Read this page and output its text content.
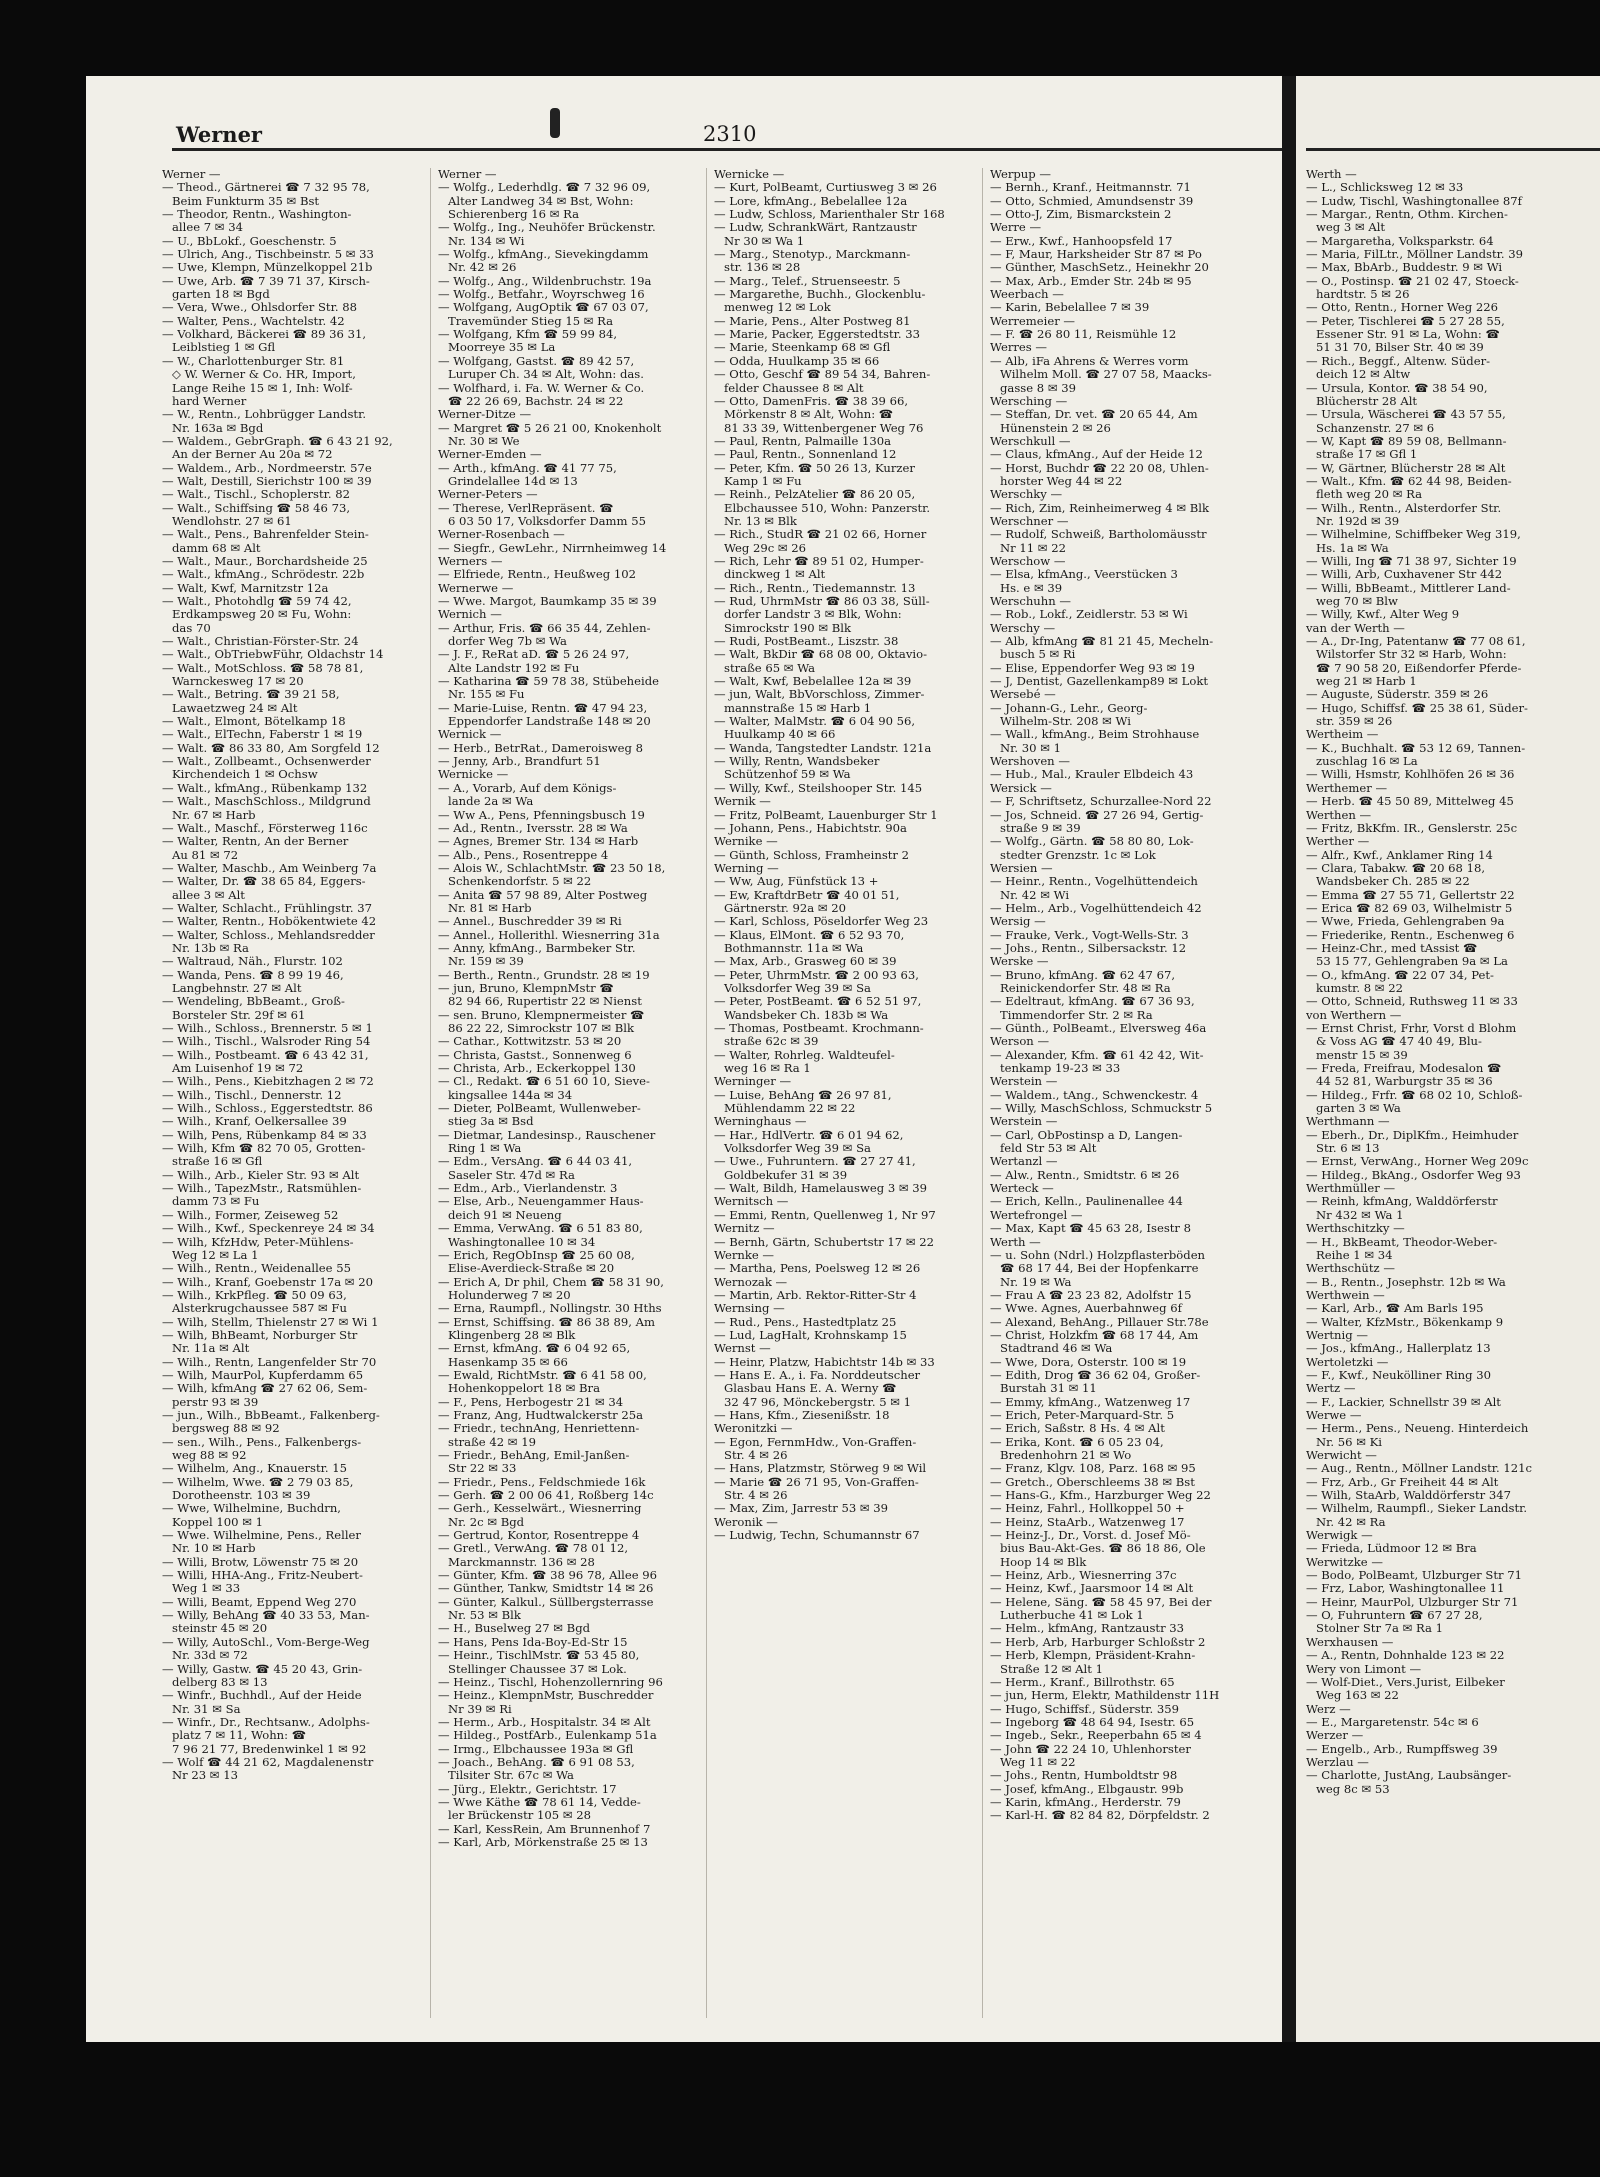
Werner	2310
Werner —
— Theod., Gärtnerei ☎ 7 32 95 78,
Beim Funkturm 35 ✉ Bst
— Theodor, Rentn., Washington-
allee 7 ✉ 34
— U., BbLokf., Goeschenstr. 5
— Ulrich, Ang., Tischbeinstr. 5 ✉ 33
— Uwe, Klempn, Münzelkoppel 21b
— Uwe, Arb. ☎ 7 39 71 37, Kirsch-
garten 18 ✉ Bgd
— Vera, Wwe., Ohlsdorfer Str. 88
— Walter, Pens., Wachtelstr. 42
— Volkhard, Bäckerei ☎ 89 36 31,
Leiblstieg 1 ✉ Gfl
— W., Charlottenburger Str. 81
◇ W. Werner & Co. HR, Import,
Lange Reihe 15 ✉ 1, Inh: Wolf-
hard Werner
— W., Rentn., Lohbrügger Landstr.
Nr. 163a ✉ Bgd
— Waldem., GebrGraph. ☎ 6 43 21 92,
An der Berner Au 20a ✉ 72
— Waldem., Arb., Nordmeerstr. 57e
— Walt, Destill, Sierichstr 100 ✉ 39
— Walt., Tischl., Schoplerstr. 82
— Walt., Schiffsing ☎ 58 46 73,
Wendlohstr. 27 ✉ 61
— Walt., Pens., Bahrenfelder Stein-
damm 68 ✉ Alt
— Walt., Maur., Borchardsheide 25
— Walt., kfmAng., Schrödestr. 22b
— Walt, Kwf, Marnitzstr 12a
— Walt., Photohdlg ☎ 59 74 42,
Erdkampsweg 20 ✉ Fu, Wohn:
das 70
— Walt., Christian-Förster-Str. 24
— Walt., ObTriebwFühr, Oldachstr 14
— Walt., MotSchloss. ☎ 58 78 81,
Warnckesweg 17 ✉ 20
— Walt., Betring. ☎ 39 21 58,
Lawaetzweg 24 ✉ Alt
— Walt., Elmont, Bötelkamp 18
— Walt., ElTechn, Faberstr 1 ✉ 19
— Walt. ☎ 86 33 80, Am Sorgfeld 12
— Walt., Zollbeamt., Ochsenwerder
Kirchendeich 1 ✉ Ochsw
— Walt., kfmAng., Rübenkamp 132
— Walt., MaschSchloss., Mildgrund
Nr. 67 ✉ Harb
— Walt., Maschf., Försterweg 116c
— Walter, Rentn, An der Berner
Au 81 ✉ 72
— Walter, Maschb., Am Weinberg 7a
— Walter, Dr. ☎ 38 65 84, Eggers-
allee 3 ✉ Alt
— Walter, Schlacht., Frühlingstr. 37
— Walter, Rentn., Hobökentwiete 42
— Walter, Schloss., Mehlandsredder
Nr. 13b ✉ Ra
— Waltraud, Näh., Flurstr. 102
— Wanda, Pens. ☎ 8 99 19 46,
Langbehnstr. 27 ✉ Alt
— Wendeling, BbBeamt., Groß-
Borsteler Str. 29f ✉ 61
— Wilh., Schloss., Brennerstr. 5 ✉ 1
— Wilh., Tischl., Walsroder Ring 54
— Wilh., Postbeamt. ☎ 6 43 42 31,
Am Luisenhof 19 ✉ 72
— Wilh., Pens., Kiebitzhagen 2 ✉ 72
— Wilh., Tischl., Dennerstr. 12
— Wilh., Schloss., Eggerstedtstr. 86
— Wilh., Kranf, Oelkersallee 39
— Wilh, Pens, Rübenkamp 84 ✉ 33
— Wilh, Kfm ☎ 82 70 05, Grotten-
straße 16 ✉ Gfl
— Wilh., Arb., Kieler Str. 93 ✉ Alt
— Wilh., TapezMstr., Ratsmühlen-
damm 73 ✉ Fu
— Wilh., Former, Zeiseweg 52
— Wilh., Kwf., Speckenreye 24 ✉ 34
— Wilh, KfzHdw, Peter-Mühlens-
Weg 12 ✉ La 1
— Wilh., Rentn., Weidenallee 55
— Wilh., Kranf, Goebenstr 17a ✉ 20
— Wilh., KrkPfleg. ☎ 50 09 63,
Alsterkrugchaussee 587 ✉ Fu
— Wilh, Stellm, Thielenstr 27 ✉ Wi 1
— Wilh, BhBeamt, Norburger Str
Nr. 11a ✉ Alt
— Wilh., Rentn, Langenfelder Str 70
— Wilh, MaurPol, Kupferdamm 65
— Wilh, kfmAng ☎ 27 62 06, Sem-
perstr 93 ✉ 39
— jun., Wilh., BbBeamt., Falkenberg-
bergsweg 88 ✉ 92
— sen., Wilh., Pens., Falkenbergs-
weg 88 ✉ 92
— Wilhelm, Ang., Knauerstr. 15
— Wilhelm, Wwe. ☎ 2 79 03 85,
Dorotheenstr. 103 ✉ 39
— Wwe, Wilhelmine, Buchdrn,
Koppel 100 ✉ 1
— Wwe. Wilhelmine, Pens., Reller
Nr. 10 ✉ Harb
— Willi, Brotw, Löwenstr 75 ✉ 20
— Willi, HHA-Ang., Fritz-Neubert-
Weg 1 ✉ 33
— Willi, Beamt, Eppend Weg 270
— Willy, BehAng ☎ 40 33 53, Man-
steinstr 45 ✉ 20
— Willy, AutoSchl., Vom-Berge-Weg
Nr. 33d ✉ 72
— Willy, Gastw. ☎ 45 20 43, Grin-
delberg 83 ✉ 13
— Winfr., Buchhdl., Auf der Heide
Nr. 31 ✉ Sa
— Winfr., Dr., Rechtsanw., Adolphs-
platz 7 ✉ 11, Wohn: ☎
7 96 21 77, Bredenwinkel 1 ✉ 92
— Wolf ☎ 44 21 62, Magdalenenstr
Nr 23 ✉ 13
Werner —
— Wolfg., Lederhdlg. ☎ 7 32 96 09,
Alter Landweg 34 ✉ Bst, Wohn:
Schierenberg 16 ✉ Ra
— Wolfg., Ing., Neuhöfer Brückenstr.
Nr. 134 ✉ Wi
— Wolfg., kfmAng., Sievekingdamm
Nr. 42 ✉ 26
— Wolfg., Ang., Wildenbruchstr. 19a
— Wolfg., Betfahr., Woyrschweg 16
— Wolfgang, AugOptik ☎ 67 03 07,
Travemünder Stieg 15 ✉ Ra
— Wolfgang, Kfm ☎ 59 99 84,
Moorreye 35 ✉ La
— Wolfgang, Gastst. ☎ 89 42 57,
Luruper Ch. 34 ✉ Alt, Wohn: das.
— Wolfhard, i. Fa. W. Werner & Co.
☎ 22 26 69, Bachstr. 24 ✉ 22
Werner-Ditze —
— Margret ☎ 5 26 21 00, Knokenholt
Nr. 30 ✉ We
Werner-Emden —
— Arth., kfmAng. ☎ 41 77 75,
Grindelallee 14d ✉ 13
Werner-Peters —
— Therese, VerlRepräsent. ☎
6 03 50 17, Volksdorfer Damm 55
Werner-Rosenbach —
— Siegfr., GewLehr., Nirrnheimweg 14
Werners —
— Elfriede, Rentn., Heußweg 102
Wernerwe —
— Wwe. Margot, Baumkamp 35 ✉ 39
Wernich —
— Arthur, Fris. ☎ 66 35 44, Zehlen-
dorfer Weg 7b ✉ Wa
— J. F., ReRat aD. ☎ 5 26 24 97,
Alte Landstr 192 ✉ Fu
— Katharina ☎ 59 78 38, Stübeheide
Nr. 155 ✉ Fu
— Marie-Luise, Rentn. ☎ 47 94 23,
Eppendorfer Landstraße 148 ✉ 20
Wernick —
— Herb., BetrRat., Dameroisweg 8
— Jenny, Arb., Brandfurt 51
Wernicke —
— A., Vorarb, Auf dem Königs-
lande 2a ✉ Wa
— Ww A., Pens, Pfenningsbusch 19
— Ad., Rentn., Iversstr. 28 ✉ Wa
— Agnes, Bremer Str. 134 ✉ Harb
— Alb., Pens., Rosentreppe 4
— Alois W., SchlachtMstr. ☎ 23 50 18,
Schenkendorfstr. 5 ✉ 22
— Anita ☎ 57 98 89, Alter Postweg
Nr. 81 ✉ Harb
— Annel., Buschredder 39 ✉ Ri
— Annel., Hollerithl. Wiesnerring 31a
— Anny, kfmAng., Barmbeker Str.
Nr. 159 ✉ 39
— Berth., Rentn., Grundstr. 28 ✉ 19
— jun, Bruno, KlempnMstr ☎
82 94 66, Rupertistr 22 ✉ Nienst
— sen. Bruno, Klempnermeister ☎
86 22 22, Simrockstr 107 ✉ Blk
— Cathar., Kottwitzstr. 53 ✉ 20
— Christa, Gastst., Sonnenweg 6
— Christa, Arb., Eckerkoppel 130
— Cl., Redakt. ☎ 6 51 60 10, Sieve-
kingsallee 144a ✉ 34
— Dieter, PolBeamt, Wullenweber-
stieg 3a ✉ Bsd
— Dietmar, Landesinsp., Rauschener
Ring 1 ✉ Wa
— Edm., VersAng. ☎ 6 44 03 41,
Saseler Str. 47d ✉ Ra
— Edm., Arb., Vierlandenstr. 3
— Else, Arb., Neuengammer Haus-
deich 91 ✉ Neueng
— Emma, VerwAng. ☎ 6 51 83 80,
Washingtonallee 10 ✉ 34
— Erich, RegObInsp ☎ 25 60 08,
Elise-Averdieck-Straße ✉ 20
— Erich A, Dr phil, Chem ☎ 58 31 90,
Holunderweg 7 ✉ 20
— Erna, Raumpfl., Nollingstr. 30 Hths
— Ernst, Schiffsing. ☎ 86 38 89, Am
Klingenberg 28 ✉ Blk
— Ernst, kfmAng. ☎ 6 04 92 65,
Hasenkamp 35 ✉ 66
— Ewald, RichtMstr. ☎ 6 41 58 00,
Hohenkoppelort 18 ✉ Bra
— F., Pens, Herbogestr 21 ✉ 34
— Franz, Ang, Hudtwalckerstr 25a
— Friedr., technAng, Henriettenn-
straße 42 ✉ 19
— Friedr., BehAng, Emil-Janßen-
Str 22 ✉ 33
— Friedr., Pens., Feldschmiede 16k
— Gerh. ☎ 2 00 06 41, Roßberg 14c
— Gerh., Kesselwärt., Wiesnerring
Nr. 2c ✉ Bgd
— Gertrud, Kontor, Rosentreppe 4
— Gretl., VerwAng. ☎ 78 01 12,
Marckmannstr. 136 ✉ 28
— Günter, Kfm. ☎ 38 96 78, Allee 96
— Günther, Tankw, Smidtstr 14 ✉ 26
— Günter, Kalkul., Süllbergsterrasse
Nr. 53 ✉ Blk
— H., Buselweg 27 ✉ Bgd
— Hans, Pens Ida-Boy-Ed-Str 15
— Heinr., TischlMstr. ☎ 53 45 80,
Stellinger Chaussee 37 ✉ Lok.
— Heinz., Tischl, Hohenzollernring 96
— Heinz., KlempnMstr, Buschredder
Nr 39 ✉ Ri
— Herm., Arb., Hospitalstr. 34 ✉ Alt
— Hildeg., PostfArb., Eulenkamp 51a
— Irmg., Elbchaussee 193a ✉ Gfl
— Joach., BehAng. ☎ 6 91 08 53,
Tilsiter Str. 67c ✉ Wa
— Jürg., Elektr., Gerichtstr. 17
— Wwe Käthe ☎ 78 61 14, Vedde-
ler Brückenstr 105 ✉ 28
— Karl, KessRein, Am Brunnenhof 7
— Karl, Arb, Mörkenstraße 25 ✉ 13
Wernicke —
— Kurt, PolBeamt, Curtiusweg 3 ✉ 26
— Lore, kfmAng., Bebelallee 12a
— Ludw, Schloss, Marienthaler Str 168
— Ludw, SchrankWärt, Rantzaustr
Nr 30 ✉ Wa 1
— Marg., Stenotyp., Marckmann-
str. 136 ✉ 28
— Marg., Telef., Struenseestr. 5
— Margarethe, Buchh., Glockenblu-
menweg 12 ✉ Lok
— Marie, Pens., Alter Postweg 81
— Marie, Packer, Eggerstedtstr. 33
— Marie, Steenkamp 68 ✉ Gfl
— Odda, Huulkamp 35 ✉ 66
— Otto, Geschf ☎ 89 54 34, Bahren-
felder Chaussee 8 ✉ Alt
— Otto, DamenFris. ☎ 38 39 66,
Mörkenstr 8 ✉ Alt, Wohn: ☎
81 33 39, Wittenbergener Weg 76
— Paul, Rentn, Palmaille 130a
— Paul, Rentn., Sonnenland 12
— Peter, Kfm. ☎ 50 26 13, Kurzer
Kamp 1 ✉ Fu
— Reinh., PelzAtelier ☎ 86 20 05,
Elbchaussee 510, Wohn: Panzerstr.
Nr. 13 ✉ Blk
— Rich., StudR ☎ 21 02 66, Horner
Weg 29c ✉ 26
— Rich, Lehr ☎ 89 51 02, Humper-
dinckweg 1 ✉ Alt
— Rich., Rentn., Tiedemannstr. 13
— Rud, UhrmMstr ☎ 86 03 38, Süll-
dorfer Landstr 3 ✉ Blk, Wohn:
Simrockstr 190 ✉ Blk
— Rudi, PostBeamt., Liszstr. 38
— Walt, BkDir ☎ 68 08 00, Oktavio-
straße 65 ✉ Wa
— Walt, Kwf, Bebelallee 12a ✉ 39
— jun, Walt, BbVorschloss, Zimmer-
mannstraße 15 ✉ Harb 1
— Walter, MalMstr. ☎ 6 04 90 56,
Huulkamp 40 ✉ 66
— Wanda, Tangstedter Landstr. 121a
— Willy, Rentn, Wandsbeker
Schützenhof 59 ✉ Wa
— Willy, Kwf., Steilshooper Str. 145
Wernik —
— Fritz, PolBeamt, Lauenburger Str 1
— Johann, Pens., Habichtstr. 90a
Wernike —
— Günth, Schloss, Framheinstr 2
Werning —
— Ww, Aug, Fünfstück 13 +
— Ew, KraftdrBetr ☎ 40 01 51,
Gärtnerstr. 92a ✉ 20
— Karl, Schloss, Pöseldorfer Weg 23
— Klaus, ElMont. ☎ 6 52 93 70,
Bothmannstr. 11a ✉ Wa
— Max, Arb., Grasweg 60 ✉ 39
— Peter, UhrmMstr. ☎ 2 00 93 63,
Volksdorfer Weg 39 ✉ Sa
— Peter, PostBeamt. ☎ 6 52 51 97,
Wandsbeker Ch. 183b ✉ Wa
— Thomas, Postbeamt. Krochmann-
straße 62c ✉ 39
— Walter, Rohrleg. Waldteufel-
weg 16 ✉ Ra 1
Werninger —
— Luise, BehAng ☎ 26 97 81,
Mühlendamm 22 ✉ 22
Werninghaus —
— Har., HdlVertr. ☎ 6 01 94 62,
Volksdorfer Weg 39 ✉ Sa
— Uwe., Fuhruntern. ☎ 27 27 41,
Goldbekufer 31 ✉ 39
— Walt, Bildh, Hamelausweg 3 ✉ 39
Wernitsch —
— Emmi, Rentn, Quellenweg 1, Nr 97
Wernitz —
— Bernh, Gärtn, Schubertstr 17 ✉ 22
Wernke —
— Martha, Pens, Poelsweg 12 ✉ 26
Wernozak —
— Martin, Arb. Rektor-Ritter-Str 4
Wernsing —
— Rud., Pens., Hastedtplatz 25
— Lud, LagHalt, Krohnskamp 15
Wernst —
— Heinr, Platzw, Habichtstr 14b ✉ 33
— Hans E. A., i. Fa. Norddeutscher
Glasbau Hans E. A. Werny ☎
32 47 96, Mönckebergstr. 5 ✉ 1
— Hans, Kfm., Ziesenißstr. 18
Weronitzki —
— Egon, FernmHdw., Von-Graffen-
Str. 4 ✉ 26
— Hans, Platzmstr, Störweg 9 ✉ Wil
— Marie ☎ 26 71 95, Von-Graffen-
Str. 4 ✉ 26
— Max, Zim, Jarrestr 53 ✉ 39
Weronik —
— Ludwig, Techn, Schumannstr 67
Werpup —
— Bernh., Kranf., Heitmannstr. 71
— Otto, Schmied, Amundsenstr 39
— Otto-J, Zim, Bismarckstein 2
Werre —
— Erw., Kwf., Hanhoopsfeld 17
— F, Maur, Harksheider Str 87 ✉ Po
— Günther, MaschSetz., Heinekhr 20
— Max, Arb., Emder Str. 24b ✉ 95
Weerbach —
— Karin, Bebelallee 7 ✉ 39
Werremeier —
— F. ☎ 26 80 11, Reismühle 12
Werres —
— Alb, iFa Ahrens & Werres vorm
Wilhelm Moll. ☎ 27 07 58, Maacks-
gasse 8 ✉ 39
Wersching —
— Steffan, Dr. vet. ☎ 20 65 44, Am
Hünenstein 2 ✉ 26
Werschkull —
— Claus, kfmAng., Auf der Heide 12
— Horst, Buchdr ☎ 22 20 08, Uhlen-
horster Weg 44 ✉ 22
Werschky —
— Rich, Zim, Reinheimerweg 4 ✉ Blk
Werschner —
— Rudolf, Schweiß, Bartholomäusstr
Nr 11 ✉ 22
Werschow —
— Elsa, kfmAng., Veerstücken 3
Hs. e ✉ 39
Werschuhn —
— Rob., Lokf., Zeidlerstr. 53 ✉ Wi
Werschy —
— Alb, kfmAng ☎ 81 21 45, Mecheln-
busch 5 ✉ Ri
— Elise, Eppendorfer Weg 93 ✉ 19
— J, Dentist, Gazellenkamp89 ✉ Lokt
Wersebé —
— Johann-G., Lehr., Georg-
Wilhelm-Str. 208 ✉ Wi
— Wall., kfmAng., Beim Strohhause
Nr. 30 ✉ 1
Wershoven —
— Hub., Mal., Krauler Elbdeich 43
Wersick —
— F, Schriftsetz, Schurzallee-Nord 22
— Jos, Schneid. ☎ 27 26 94, Gertig-
straße 9 ✉ 39
— Wolfg., Gärtn. ☎ 58 80 80, Lok-
stedter Grenzstr. 1c ✉ Lok
Wersien —
— Heinr., Rentn., Vogelhüttendeich
Nr. 42 ✉ Wi
— Helm., Arb., Vogelhüttendeich 42
Wersig —
— Frauke, Verk., Vogt-Wells-Str. 3
— Johs., Rentn., Silbersackstr. 12
Werske —
— Bruno, kfmAng. ☎ 62 47 67,
Reinickendorfer Str. 48 ✉ Ra
— Edeltraut, kfmAng. ☎ 67 36 93,
Timmendorfer Str. 2 ✉ Ra
— Günth., PolBeamt., Elversweg 46a
Werson —
— Alexander, Kfm. ☎ 61 42 42, Wit-
tenkamp 19-23 ✉ 33
Werstein —
— Waldem., tAng., Schwenckestr. 4
— Willy, MaschSchloss, Schmuckstr 5
Werstein —
— Carl, ObPostinsp a D, Langen-
feld Str 53 ✉ Alt
Wertanzl —
— Alw., Rentn., Smidtstr. 6 ✉ 26
Werteck —
— Erich, Kelln., Paulinenallee 44
Wertefrongel —
— Max, Kapt ☎ 45 63 28, Isestr 8
Werth —
— u. Sohn (Ndrl.) Holzpflasterböden
☎ 68 17 44, Bei der Hopfenkarre
Nr. 19 ✉ Wa
— Frau A ☎ 23 23 82, Adolfstr 15
— Wwe. Agnes, Auerbahnweg 6f
— Alexand, BehAng., Pillauer Str.78e
— Christ, Holzkfm ☎ 68 17 44, Am
Stadtrand 46 ✉ Wa
— Wwe, Dora, Osterstr. 100 ✉ 19
— Edith, Drog ☎ 36 62 04, Großer-
Burstah 31 ✉ 11
— Emmy, kfmAng., Watzenweg 17
— Erich, Peter-Marquard-Str. 5
— Erich, Saßstr. 8 Hs. 4 ✉ Alt
— Erika, Kont. ☎ 6 05 23 04,
Bredenhohrn 21 ✉ Wo
— Franz, Klgv. 108, Parz. 168 ✉ 95
— Gretch., Oberschleems 38 ✉ Bst
— Hans-G., Kfm., Harzburger Weg 22
— Heinz, Fahrl., Hollkoppel 50 +
— Heinz, StaArb., Watzenweg 17
— Heinz-J., Dr., Vorst. d. Josef Mö-
bius Bau-Akt-Ges. ☎ 86 18 86, Ole
Hoop 14 ✉ Blk
— Heinz, Arb., Wiesnerring 37c
— Heinz, Kwf., Jaarsmoor 14 ✉ Alt
— Helene, Säng. ☎ 58 45 97, Bei der
Lutherbuche 41 ✉ Lok 1
— Helm., kfmAng, Rantzaustr 33
— Herb, Arb, Harburger Schloßstr 2
— Herb, Klempn, Präsident-Krahn-
Straße 12 ✉ Alt 1
— Herm., Kranf., Billrothstr. 65
— jun, Herm, Elektr, Mathildenstr 11H
— Hugo, Schiffsf., Süderstr. 359
— Ingeborg ☎ 48 64 94, Isestr. 65
— Ingeb., Sekr., Reeperbahn 65 ✉ 4
— John ☎ 22 24 10, Uhlenhorster
Weg 11 ✉ 22
— Johs., Rentn, Humboldtstr 98
— Josef, kfmAng., Elbgaustr. 99b
— Karin, kfmAng., Herderstr. 79
— Karl-H. ☎ 82 84 82, Dörpfeldstr. 2
Werth —
— L., Schlicksweg 12 ✉ 33
— Ludw, Tischl, Washingtonallee 87f
— Margar., Rentn, Othm. Kirchen-
weg 3 ✉ Alt
— Margaretha, Volksparkstr. 64
— Maria, FilLtr., Möllner Landstr. 39
— Max, BbArb., Buddestr. 9 ✉ Wi
— O., Postinsp. ☎ 21 02 47, Stoeck-
hardtstr. 5 ✉ 26
— Otto, Rentn., Horner Weg 226
— Peter, Tischlerei ☎ 5 27 28 55,
Essener Str. 91 ✉ La, Wohn: ☎
51 31 70, Bilser Str. 40 ✉ 39
— Rich., Beggf., Altenw. Süder-
deich 12 ✉ Altw
— Ursula, Kontor. ☎ 38 54 90,
Blücherstr 28 Alt
— Ursula, Wäscherei ☎ 43 57 55,
Schanzenstr. 27 ✉ 6
— W, Kapt ☎ 89 59 08, Bellmann-
straße 17 ✉ Gfl 1
— W, Gärtner, Blücherstr 28 ✉ Alt
— Walt., Kfm. ☎ 62 44 98, Beiden-
fleth weg 20 ✉ Ra
— Wilh., Rentn., Alsterdorfer Str.
Nr. 192d ✉ 39
— Wilhelmine, Schiffbeker Weg 319,
Hs. 1a ✉ Wa
— Willi, Ing ☎ 71 38 97, Sichter 19
— Willi, Arb, Cuxhavener Str 442
— Willi, BbBeamt., Mittlerer Land-
weg 70 ✉ Blw
— Willy, Kwf., Alter Weg 9
van der Werth —
— A., Dr-Ing, Patentanw ☎ 77 08 61,
Wilstorfer Str 32 ✉ Harb, Wohn:
☎ 7 90 58 20, Eißendorfer Pferde-
weg 21 ✉ Harb 1
— Auguste, Süderstr. 359 ✉ 26
— Hugo, Schiffsf. ☎ 25 38 61, Süder-
str. 359 ✉ 26
Wertheim —
— K., Buchhalt. ☎ 53 12 69, Tannen-
zuschlag 16 ✉ La
— Willi, Hsmstr, Kohlhöfen 26 ✉ 36
Werthemer —
— Herb. ☎ 45 50 89, Mittelweg 45
Werthen —
— Fritz, BkKfm. IR., Genslerstr. 25c
Werther —
— Alfr., Kwf., Anklamer Ring 14
— Clara, Tabakw. ☎ 20 68 18,
Wandsbeker Ch. 285 ✉ 22
— Emma ☎ 27 55 71, Gellertstr 22
— Erica ☎ 82 69 03, Wilhelmistr 5
— Wwe, Frieda, Gehlengraben 9a
— Friederike, Rentn., Eschenweg 6
— Heinz-Chr., med tAssist ☎
53 15 77, Gehlengraben 9a ✉ La
— O., kfmAng. ☎ 22 07 34, Pet-
kumstr. 8 ✉ 22
— Otto, Schneid, Ruthsweg 11 ✉ 33
von Werthern —
— Ernst Christ, Frhr, Vorst d Blohm
& Voss AG ☎ 47 40 49, Blu-
menstr 15 ✉ 39
— Freda, Freifrau, Modesalon ☎
44 52 81, Warburgstr 35 ✉ 36
— Hildeg., Frfr. ☎ 68 02 10, Schloß-
garten 3 ✉ Wa
Werthmann —
— Eberh., Dr., DiplKfm., Heimhuder
Str. 6 ✉ 13
— Ernst, VerwAng., Horner Weg 209c
— Hildeg., BkAng., Osdorfer Weg 93
Werthmüller —
— Reinh, kfmAng, Walddörferstr
Nr 432 ✉ Wa 1
Werthschitzky —
— H., BkBeamt, Theodor-Weber-
Reihe 1 ✉ 34
Werthschütz —
— B., Rentn., Josephstr. 12b ✉ Wa
Werthwein —
— Karl, Arb., ☎ Am Barls 195
— Walter, KfzMstr., Bökenkamp 9
Wertnig —
— Jos., kfmAng., Hallerplatz 13
Wertoletzki —
— F., Kwf., Neukölliner Ring 30
Wertz —
— F., Lackier, Schnellstr 39 ✉ Alt
Werwe —
— Herm., Pens., Neueng. Hinterdeich
Nr. 56 ✉ Ki
Werwicht —
— Aug., Rentn., Möllner Landstr. 121c
— Frz, Arb., Gr Freiheit 44 ✉ Alt
— Wilh, StaArb, Walddörferstr 347
— Wilhelm, Raumpfl., Sieker Landstr.
Nr. 42 ✉ Ra
Werwigk —
— Frieda, Lüdmoor 12 ✉ Bra
Werwitzke —
— Bodo, PolBeamt, Ulzburger Str 71
— Frz, Labor, Washingtonallee 11
— Heinr, MaurPol, Ulzburger Str 71
— O, Fuhruntern ☎ 67 27 28,
Stolner Str 7a ✉ Ra 1
Werxhausen —
— A., Rentn, Dohnhalde 123 ✉ 22
Wery von Limont —
— Wolf-Diet., Vers.Jurist, Eilbeker
Weg 163 ✉ 22
Werz —
— E., Margaretenstr. 54c ✉ 6
Werzer —
— Engelb., Arb., Rumpffsweg 39
Werzlau —
— Charlotte, JustAng, Laubsänger-
weg 8c ✉ 53
